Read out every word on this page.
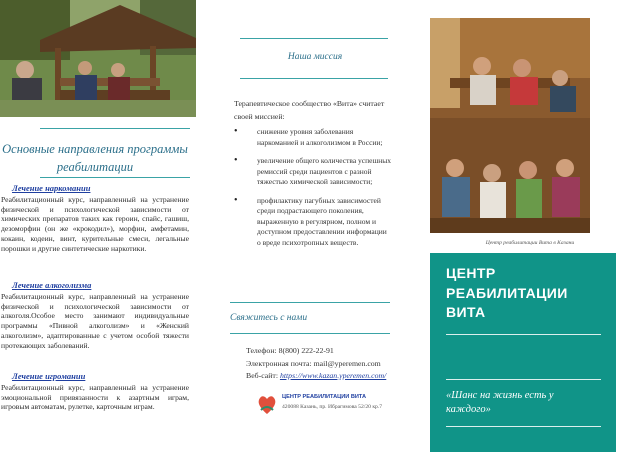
Основные направления программы реабилитации
Лечение наркомании
Реабилитационный курс, направленный на устранение физической и психологической зависимости от химических препаратов таких как героин, спайс, гашиш, дезоморфин (он же «крокодил»), морфин, амфетамин, кокаин, кодеин, винт, курительные смеси, легальные порошки и другие синтетические наркотики.
Лечение алкоголизма
Реабилитационный курс, направленный на устранение физической и психологической зависимости от алкоголя.Особое место занимают индивидуальные программы «Пивной алкоголизм» и «Женский алкоголизм», адаптированные с учетом особой тяжести протекающих заболеваний.
Лечение игромании
Реабилитационный курс, направленный на устранение эмоциональной привязанности к азартным играм, игровым автоматам, рулетке, карточным играм.
Наша миссия
Терапевтическое сообщество «Вита» считает своей миссией:
• снижение уровня заболевания наркоманией и алкоголизмом в России;
• увеличение общего количества успешных ремиссий среди пациентов с разной тяжестью химической зависимости;
• профилактику пагубных зависимостей среди подрастающего поколения, выраженную в регулярном, полном и доступном предоставлении информации о вреде психотропных веществ.
Свяжитесь с нами
Телефон: 8(800) 222-22-91
Электронная почта: mail@yperemen.com
Веб-сайт: https://www.kazan.yperemen.com/
ЦЕНТР РЕАБИЛИТАЦИИ ВИТА
420088 Казань, пр. Ибрагимова 52/20 кр.7
Центр реабилитации Вита в Казани
ЦЕНТР РЕАБИЛИТАЦИИ ВИТА
«Шанс на жизнь есть у каждого»
